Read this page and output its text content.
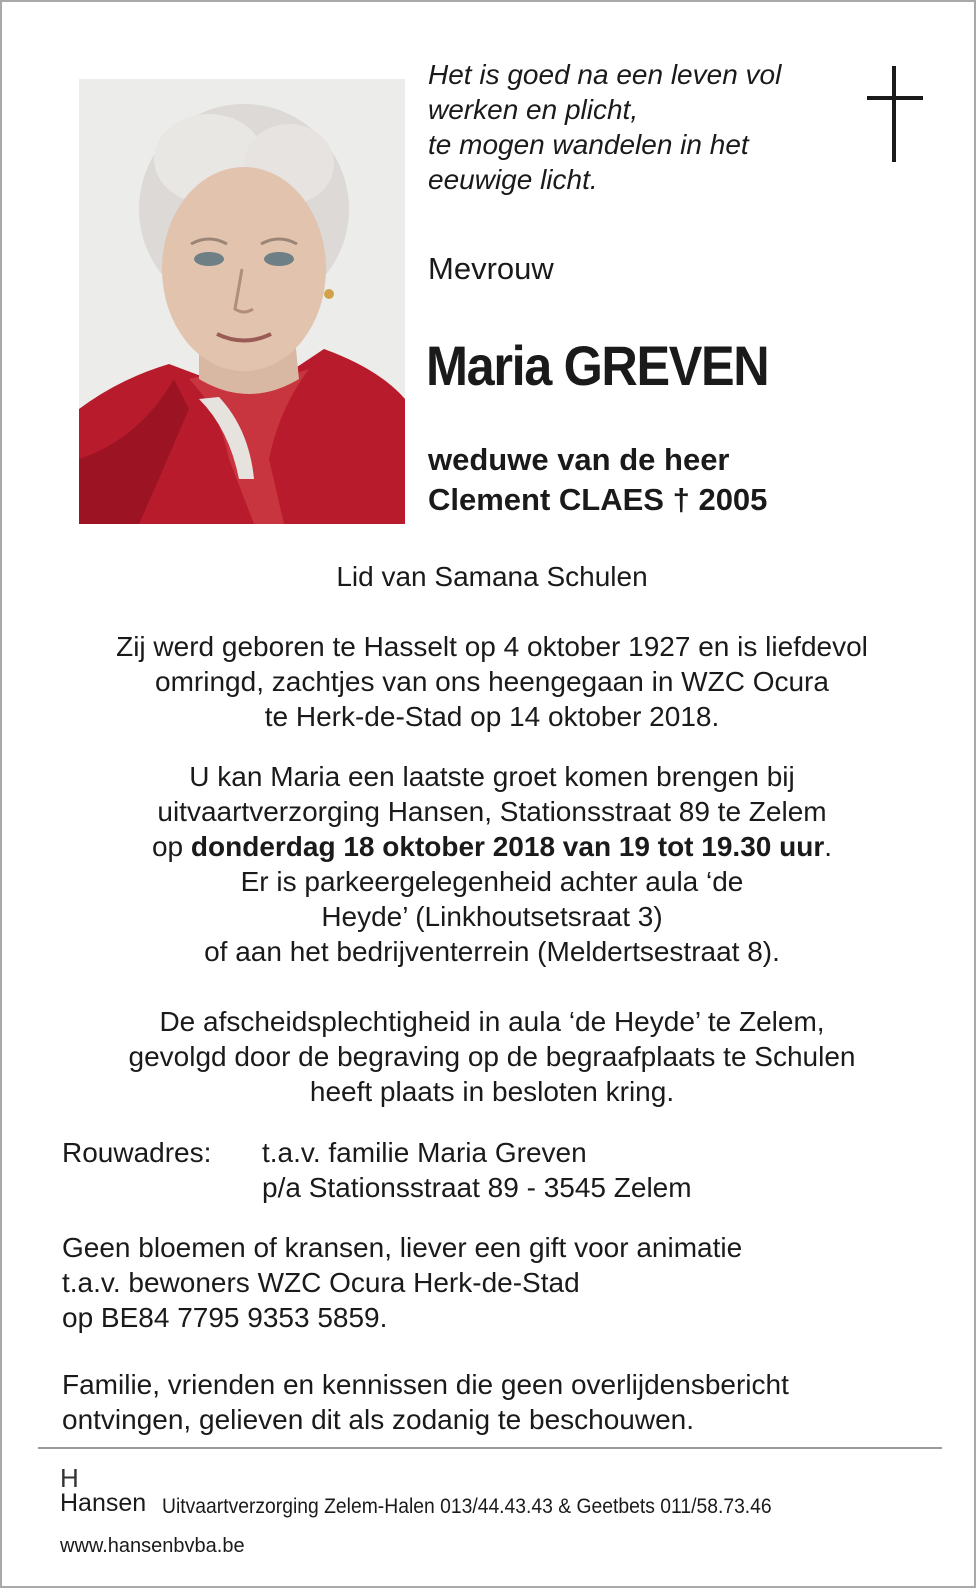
Het is goed na een leven vol
werken en plicht,
te mogen wandelen in het
eeuwige licht.
Mevrouw
Maria GREVEN
weduwe van de heer
Clement CLAES † 2005
Lid van Samana Schulen
Zij werd geboren te Hasselt op 4 oktober 1927 en is liefdevol
omringd, zachtjes van ons heengegaan in WZC Ocura
te Herk-de-Stad op 14 oktober 2018.
U kan Maria een laatste groet komen brengen bij
uitvaartverzorging Hansen, Stationsstraat 89 te Zelem
op donderdag 18 oktober 2018 van 19 tot 19.30 uur.
Er is parkeergelegenheid achter aula ‘de
Heyde’ (Linkhoutsetsraat 3)
of aan het bedrijventerrein (Meldertsestraat 8).
De afscheidsplechtigheid in aula ‘de Heyde’ te Zelem,
gevolgd door de begraving op de begraafplaats te Schulen
heeft plaats in besloten kring.
Rouwadres: t.a.v. familie Maria Greven
p/a Stationsstraat 89 - 3545 Zelem
Geen bloemen of kransen, liever een gift voor animatie
t.a.v. bewoners WZC Ocura Herk-de-Stad
op BE84 7795 9353 5859.
Familie, vrienden en kennissen die geen overlijdensbericht
ontvingen, gelieven dit als zodanig te beschouwen.
H
Hansen Uitvaartverzorging Zelem-Halen 013/44.43.43 & Geetbets 011/58.73.46
www.hansenbvba.be
